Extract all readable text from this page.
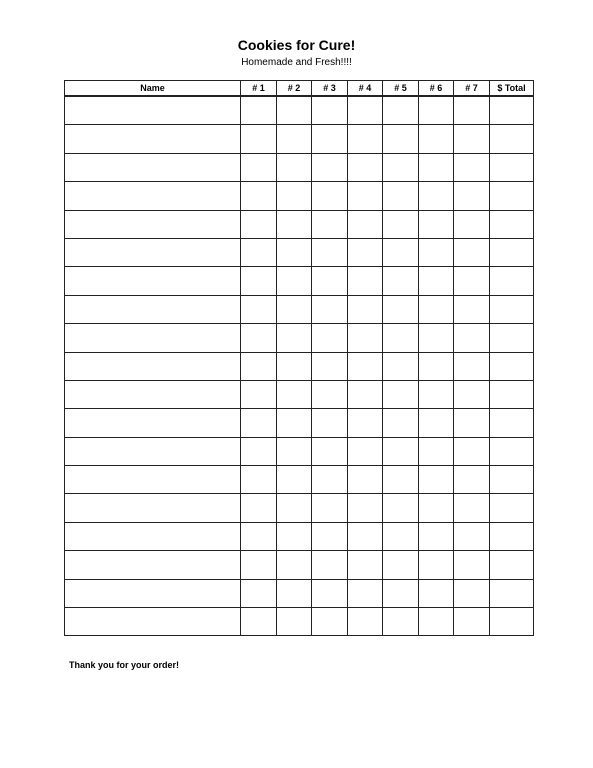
Cookies for Cure!
Homemade and Fresh!!!!
Name	# 1	# 2	# 3	# 4	# 5	# 6	# 7	$ Total

Thank you for your order!
